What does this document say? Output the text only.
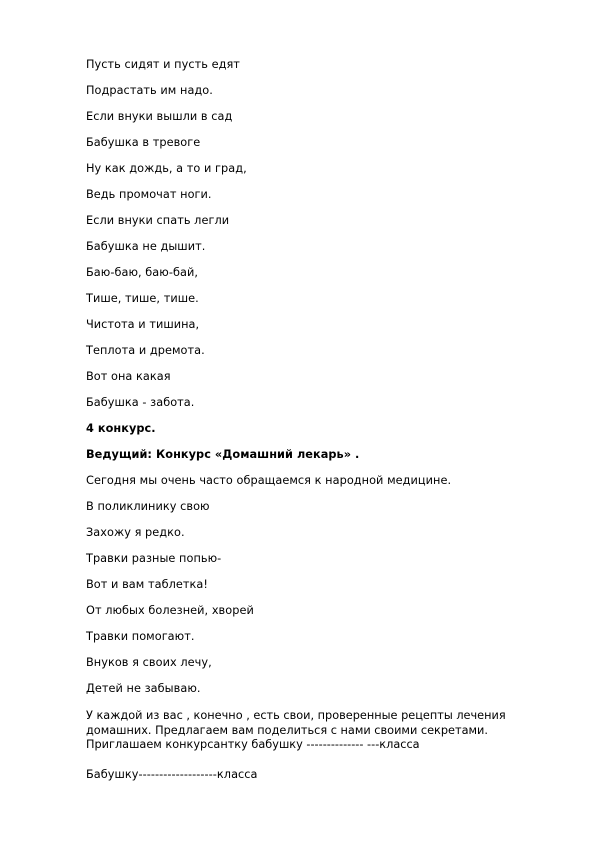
Пусть сидят и пусть едят
Подрастать им надо.
Если внуки вышли в сад
Бабушка в тревоге
Ну как дождь, а то и град,
Ведь промочат ноги.
Если внуки спать легли
Бабушка не дышит.
Баю-баю, баю-бай,
Тише, тише, тише.
Чистота и тишина,
Теплота и дремота.
Вот она какая
Бабушка - забота.
4 конкурс.
Ведущий: Конкурс «Домашний лекарь» .
Сегодня мы очень часто обращаемся к народной медицине.
В поликлинику свою
Захожу я редко.
Травки разные попью-
Вот и вам таблетка!
От любых болезней, хворей
Травки помогают.
Внуков я своих лечу,
Детей не забываю.
У каждой из вас , конечно , есть свои, проверенные рецепты лечения
домашних. Предлагаем вам поделиться с нами своими секретами.
Приглашаем конкурсантку бабушку -------------- ---класса
Бабушку-------------------класса
